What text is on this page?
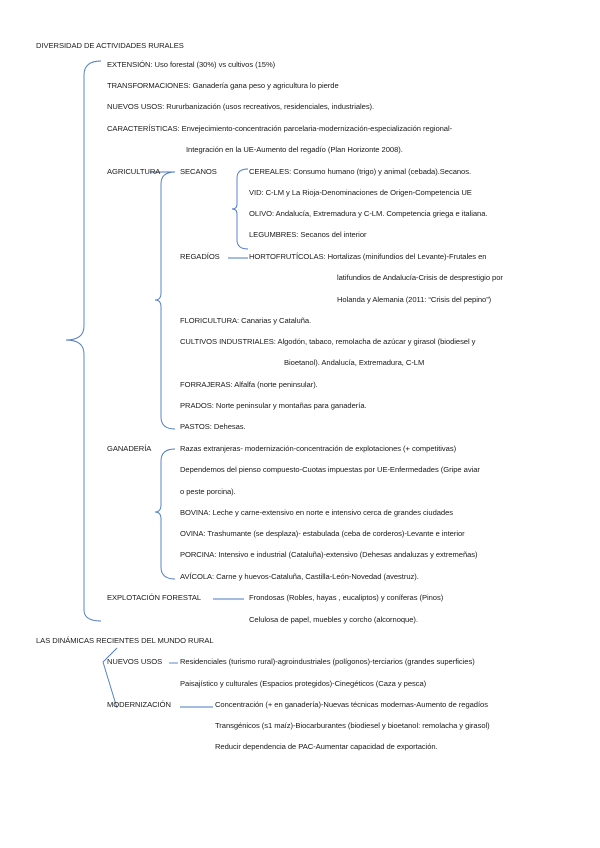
DIVERSIDAD DE ACTIVIDADES RURALES
EXTENSIÓN: Uso forestal (30%) vs cultivos (15%)
TRANSFORMACIONES: Ganadería gana peso y agricultura lo pierde
NUEVOS USOS: Rururbanización (usos recreativos, residenciales, industriales).
CARACTERÍSTICAS: Envejecimiento-concentración parcelaria-modernización-especialización regional-
Integración en la UE-Aumento del regadío (Plan Horizonte 2008).
AGRICULTURA	SECANOS	CEREALES: Consumo humano (trigo) y animal (cebada).Secanos.
VID: C-LM y La Rioja-Denominaciones de Origen-Competencia UE
OLIVO: Andalucía, Extremadura y C-LM. Competencia griega e italiana.
LEGUMBRES: Secanos del interior
REGADÍOS	HORTOFRUTÍCOLAS: Hortalizas (minifundios del Levante)-Frutales en
latifundios de Andalucía-Crisis de desprestigio por
Holanda y Alemania (2011: “Crisis del pepino”)
FLORICULTURA: Canarias y Cataluña.
CULTIVOS INDUSTRIALES: Algodón, tabaco, remolacha de azúcar y girasol (biodiesel y
Bioetanol). Andalucía, Extremadura, C-LM
FORRAJERAS: Alfalfa (norte peninsular).
PRADOS: Norte peninsular y montañas para ganadería.
PASTOS: Dehesas.
GANADERÍA	Razas extranjeras- modernización-concentración de explotaciones (+ competitivas)
Dependemos del pienso compuesto-Cuotas impuestas por UE-Enfermedades (Gripe aviar
o peste porcina).
BOVINA: Leche y carne-extensivo en norte e intensivo cerca de grandes ciudades
OVINA: Trashumante (se desplaza)- estabulada (ceba de corderos)-Levante e interior
PORCINA: Intensivo e industrial (Cataluña)-extensivo (Dehesas andaluzas y extremeñas)
AVÍCOLA: Carne y huevos-Cataluña, Castilla-León-Novedad (avestruz).
EXPLOTACIÓN FORESTAL	Frondosas (Robles, hayas , eucaliptos) y coníferas (Pinos)
Celulosa de papel, muebles y corcho (alcornoque).
LAS DINÁMICAS RECIENTES DEL MUNDO RURAL
NUEVOS USOS Residenciales (turismo rural)-agroindustriales (polígonos)-terciarios (grandes superficies)
Paisajístico y culturales (Espacios protegidos)-Cinegéticos (Caza y pesca)
MODERNIZACIÓN	Concentración (+ en ganadería)-Nuevas técnicas modernas-Aumento de regadíos
Transgénicos (s1 maíz)-Biocarburantes (biodiesel y bioetanol: remolacha y girasol)
Reducir dependencia de PAC-Aumentar capacidad de exportación.
